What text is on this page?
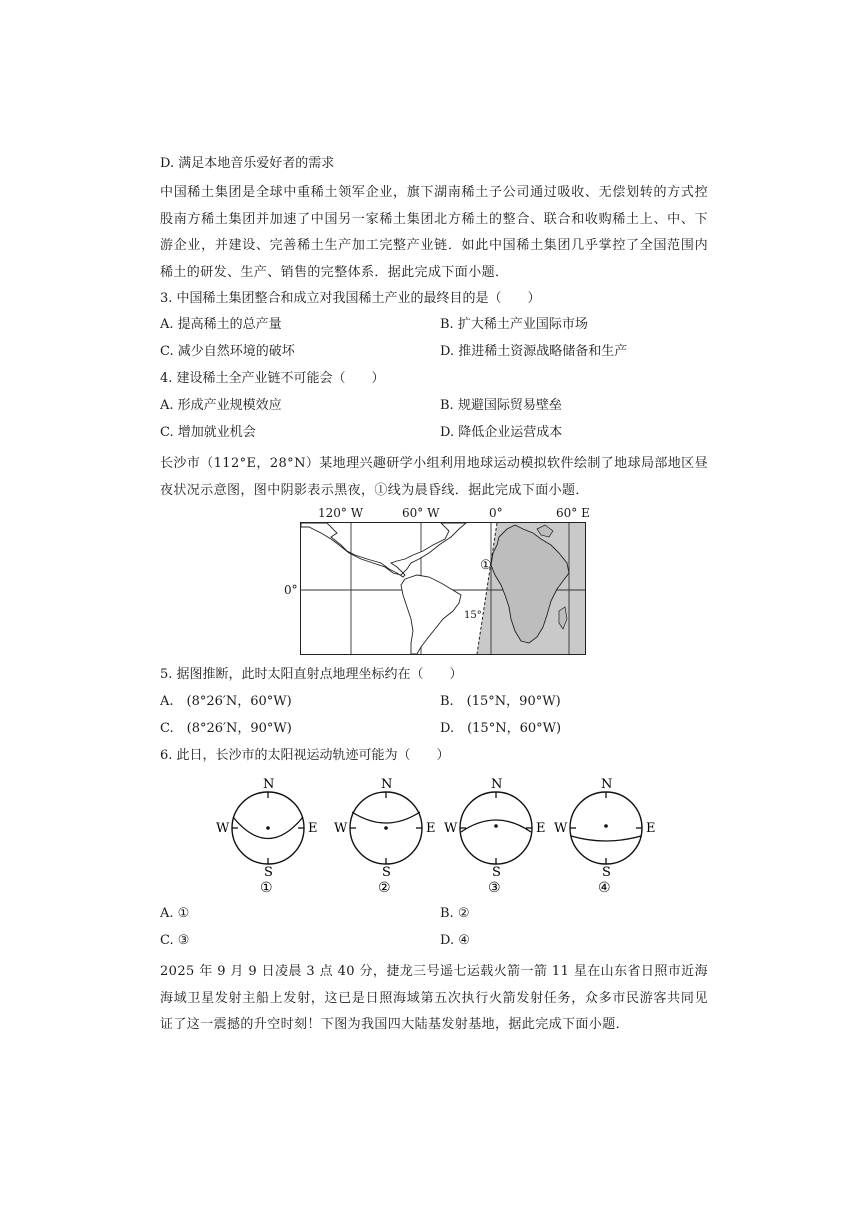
D. 满足本地音乐爱好者的需求
中国稀土集团是全球中重稀土领军企业，旗下湖南稀土子公司通过吸收、无偿划转的方式控股南方稀土集团并加速了中国另一家稀土集团北方稀土的整合、联合和收购稀土上、中、下游企业，并建设、完善稀土生产加工完整产业链．如此中国稀土集团几乎掌控了全国范围内稀土的研发、生产、销售的完整体系．据此完成下面小题．
3. 中国稀土集团整合和成立对我国稀土产业的最终目的是（　　）
A. 提高稀土的总产量	B. 扩大稀土产业国际市场
C. 减少自然环境的破坏	D. 推进稀土资源战略储备和生产
4. 建设稀土全产业链不可能会（　　）
A. 形成产业规模效应	B. 规避国际贸易壁垒
C. 增加就业机会	D. 降低企业运营成本
长沙市（112°E，28°N）某地理兴趣研学小组利用地球运动模拟软件绘制了地球局部地区昼夜状况示意图，图中阴影表示黑夜，①线为晨昏线．据此完成下面小题．
120° W	60° W	0°	60° E
0°
①
15°
5. 据图推断，此时太阳直射点地理坐标约在（　　）
A.　(8°26′N，60°W)	B.　(15°N，90°W)
C.　(8°26′N，90°W)	D.　(15°N，60°W)
6. 此日，长沙市的太阳视运动轨迹可能为（　　）
N
S
W	E
①
N
S
W	E
②
N
S
W	E
③
N
S
W	E
④
A. ①	B. ②
C. ③	D. ④
2025 年 9 月 9 日凌晨 3 点 40 分，捷龙三号遥七运载火箭一箭 11 星在山东省日照市近海海域卫星发射主船上发射，这已是日照海域第五次执行火箭发射任务，众多市民游客共同见证了这一震撼的升空时刻！下图为我国四大陆基发射基地，据此完成下面小题．
